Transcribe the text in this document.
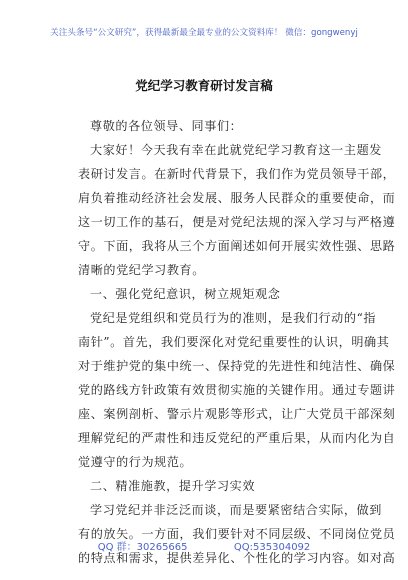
关注头条号“公文研究”，获得最新最全最专业的公文资料库！ 微信：gongwenyj
党纪学习教育研讨发言稿
尊敬的各位领导、同事们：
大家好！今天我有幸在此就党纪学习教育这一主题发
表研讨发言。在新时代背景下，我们作为党员领导干部，
肩负着推动经济社会发展、服务人民群众的重要使命，而
这一切工作的基石，便是对党纪法规的深入学习与严格遵
守。下面，我将从三个方面阐述如何开展实效性强、思路
清晰的党纪学习教育。
一、强化党纪意识，树立规矩观念
党纪是党组织和党员行为的准则，是我们行动的“指
南针”。首先，我们要深化对党纪重要性的认识，明确其
对于维护党的集中统一、保持党的先进性和纯洁性、确保
党的路线方针政策有效贯彻实施的关键作用。通过专题讲
座、案例剖析、警示片观影等形式，让广大党员干部深刻
理解党纪的严肃性和违反党纪的严重后果，从而内化为自
觉遵守的行为规范。
二、精准施教，提升学习实效
学习党纪并非泛泛而谈，而是要紧密结合实际，做到
有的放矢。一方面，我们要针对不同层级、不同岗位党员
的特点和需求，提供差异化、个性化的学习内容。如对高
QQ 群：30265665	QQ:535304092
